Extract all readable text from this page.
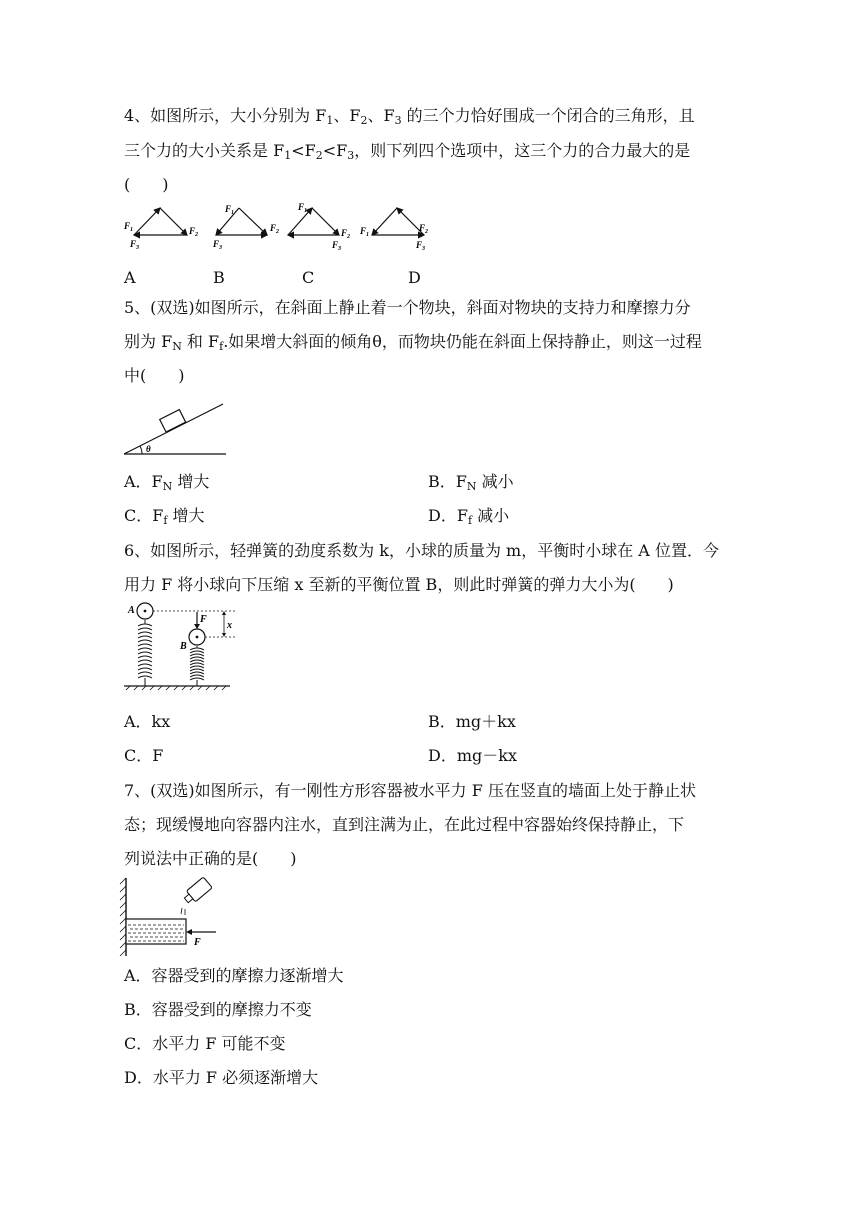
4、如图所示，大小分别为 $F_1$、$F_2$、$F_3$ 的三个力恰好围成一个闭合的三角形，且
三个力的大小关系是 $F_1<F_2<F_3$，则下列四个选项中，这三个力的合力最大的是
(　　)
$F_1$	$F_2$
$F_3$
$F_1$
$F_2$
$F_3$
$F_1$
$F_2$
$F_3$
$F_1$
$F_2$
$F_3$
A	B	C	D
5、(双选)如图所示，在斜面上静止着一个物块，斜面对物块的支持力和摩擦力分
别为 $F_N$ 和 $F_f$.如果增大斜面的倾角θ，而物块仍能在斜面上保持静止，则这一过程
中(　　)
θ
A．$F_N$ 增大	B．$F_N$ 减小
C．$F_f$ 增大	D．$F_f$ 减小
6、如图所示，轻弹簧的劲度系数为 k，小球的质量为 m，平衡时小球在 A 位置．今
用力 F 将小球向下压缩 x 至新的平衡位置 B，则此时弹簧的弹力大小为(　　)
A
B
F
x
A．kx	B．mg＋kx
C．F	D．mg－kx
7、(双选)如图所示，有一刚性方形容器被水平力 F 压在竖直的墙面上处于静止状
态；现缓慢地向容器内注水，直到注满为止，在此过程中容器始终保持静止，下
列说法中正确的是(　　)
F
A．容器受到的摩擦力逐渐增大
B．容器受到的摩擦力不变
C．水平力 F 可能不变
D．水平力 F 必须逐渐增大
